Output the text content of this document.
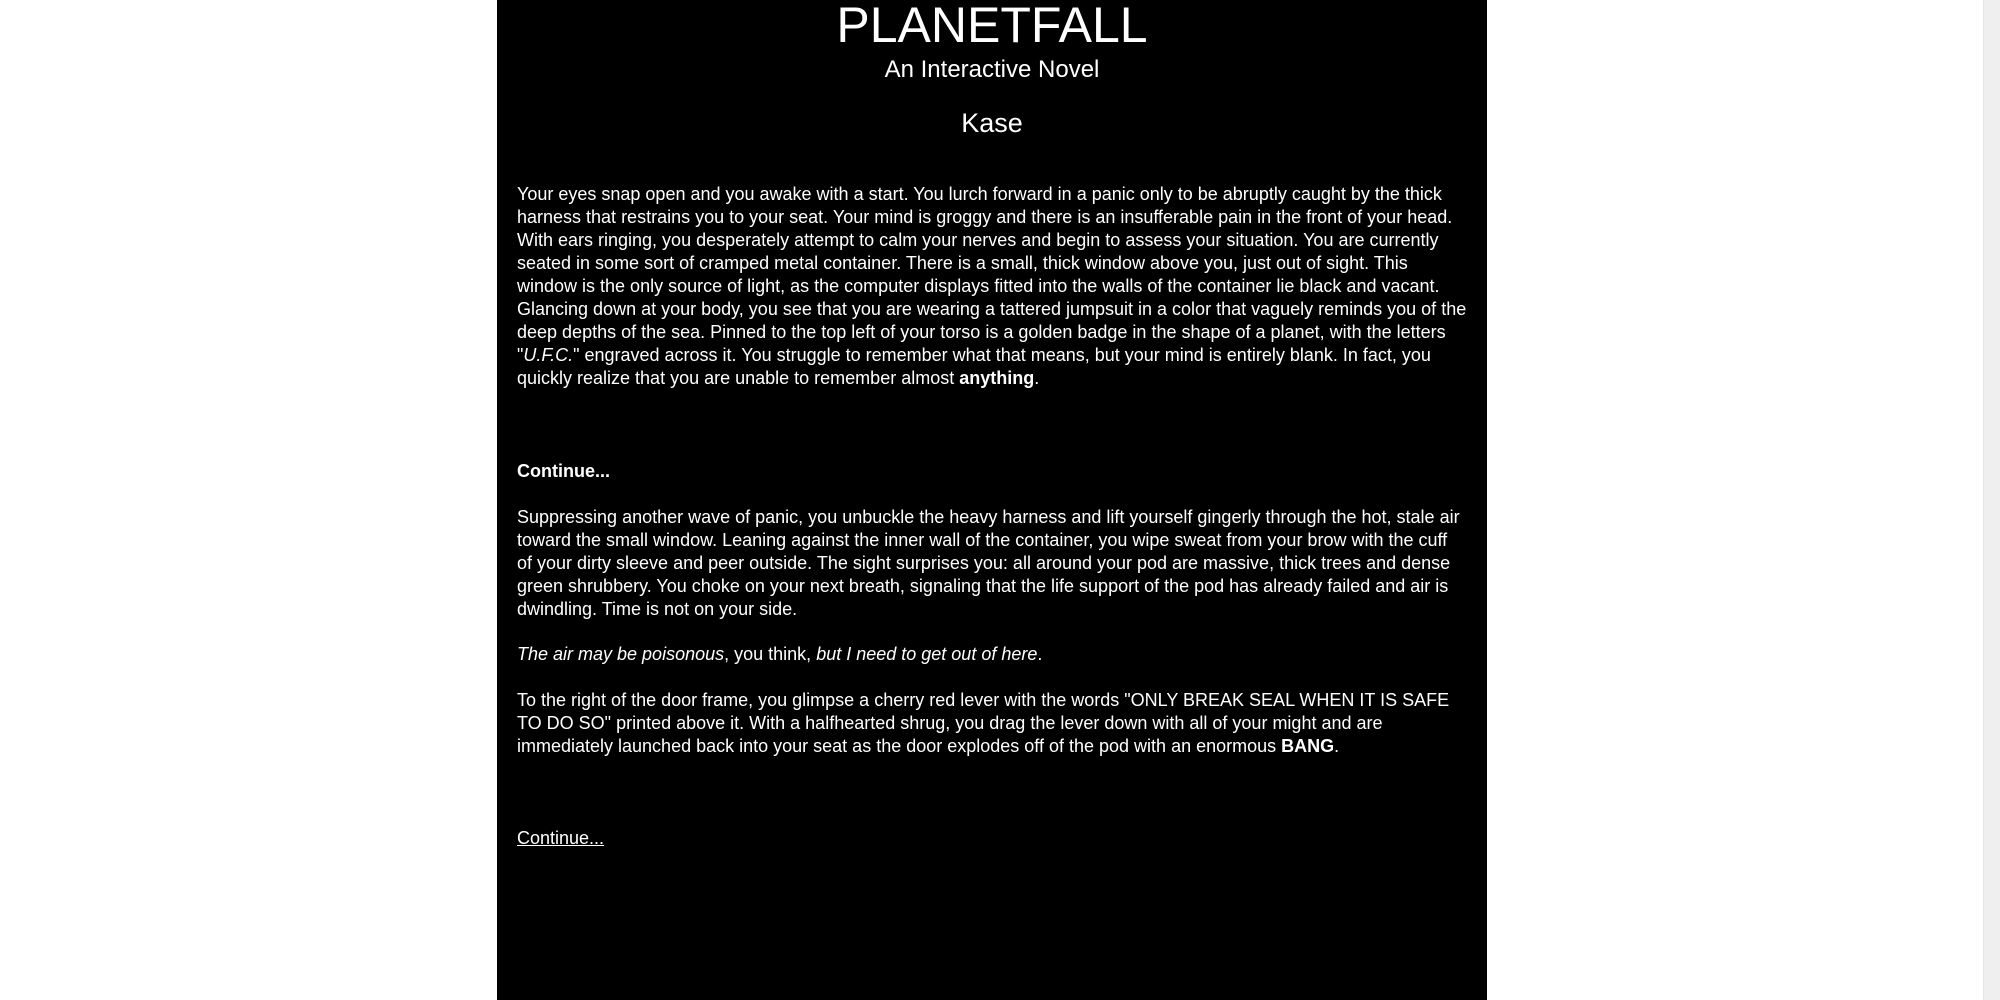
PLANETFALL
An Interactive Novel
Kase
Your eyes snap open and you awake with a start. You lurch forward in a panic only to be abruptly caught by the thick harness that restrains you to your seat. Your mind is groggy and there is an insufferable pain in the front of your head. With ears ringing, you desperately attempt to calm your nerves and begin to assess your situation. You are currently seated in some sort of cramped metal container. There is a small, thick window above you, just out of sight. This window is the only source of light, as the computer displays fitted into the walls of the container lie black and vacant. Glancing down at your body, you see that you are wearing a tattered jumpsuit in a color that vaguely reminds you of the deep depths of the sea. Pinned to the top left of your torso is a golden badge in the shape of a planet, with the letters "U.F.C." engraved across it. You struggle to remember what that means, but your mind is entirely blank. In fact, you quickly realize that you are unable to remember almost anything.
Continue...
Suppressing another wave of panic, you unbuckle the heavy harness and lift yourself gingerly through the hot, stale air toward the small window. Leaning against the inner wall of the container, you wipe sweat from your brow with the cuff of your dirty sleeve and peer outside. The sight surprises you: all around your pod are massive, thick trees and dense green shrubbery. You choke on your next breath, signaling that the life support of the pod has already failed and air is dwindling. Time is not on your side.
The air may be poisonous, you think, but I need to get out of here.
To the right of the door frame, you glimpse a cherry red lever with the words "ONLY BREAK SEAL WHEN IT IS SAFE TO DO SO" printed above it. With a halfhearted shrug, you drag the lever down with all of your might and are immediately launched back into your seat as the door explodes off of the pod with an enormous BANG.
Continue...
